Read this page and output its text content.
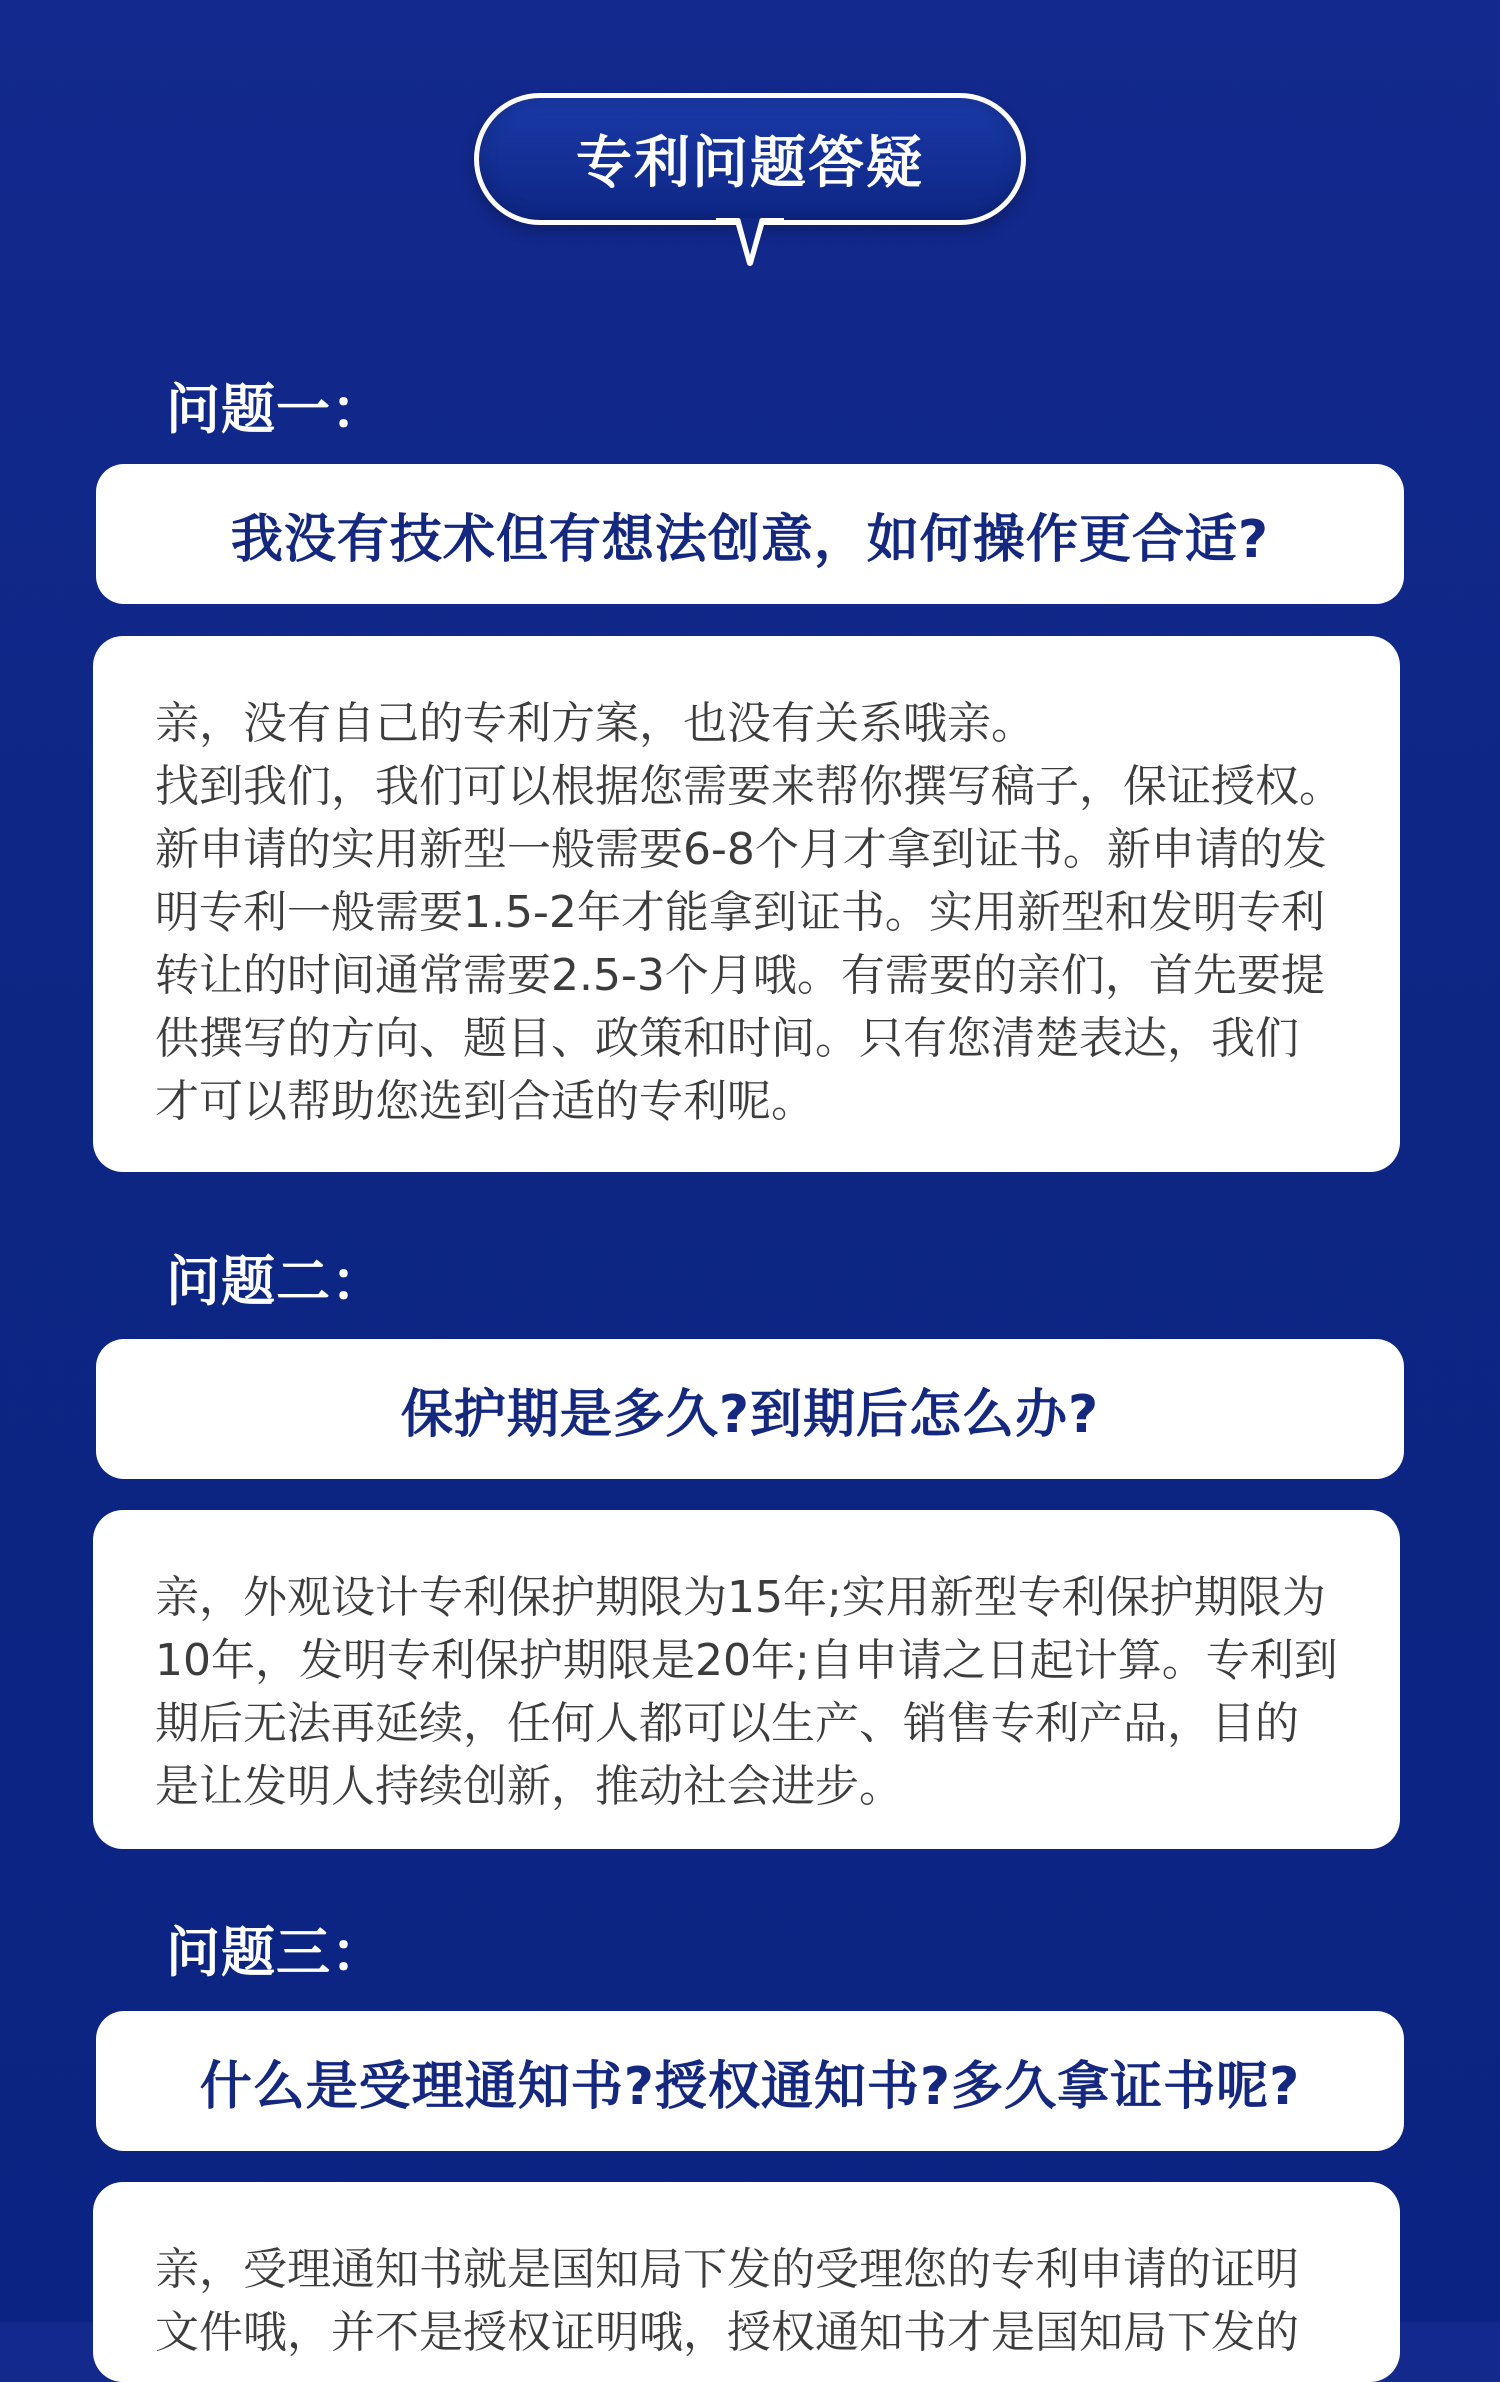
专利问题答疑
问题一：
我没有技术但有想法创意，如何操作更合适?
亲，没有自己的专利方案，也没有关系哦亲。
找到我们，我们可以根据您需要来帮你撰写稿子，保证授权。
新申请的实用新型一般需要6-8个月才拿到证书。新申请的发
明专利一般需要1.5-2年才能拿到证书。实用新型和发明专利
转让的时间通常需要2.5-3个月哦。有需要的亲们，首先要提
供撰写的方向、题目、政策和时间。只有您清楚表达，我们
才可以帮助您选到合适的专利呢。
问题二：
保护期是多久?到期后怎么办?
亲，外观设计专利保护期限为15年;实用新型专利保护期限为
10年，发明专利保护期限是20年;自申请之日起计算。专利到
期后无法再延续，任何人都可以生产、销售专利产品，目的
是让发明人持续创新，推动社会进步。
问题三：
什么是受理通知书?授权通知书?多久拿证书呢?
亲，受理通知书就是国知局下发的受理您的专利申请的证明
文件哦，并不是授权证明哦，授权通知书才是国知局下发的
